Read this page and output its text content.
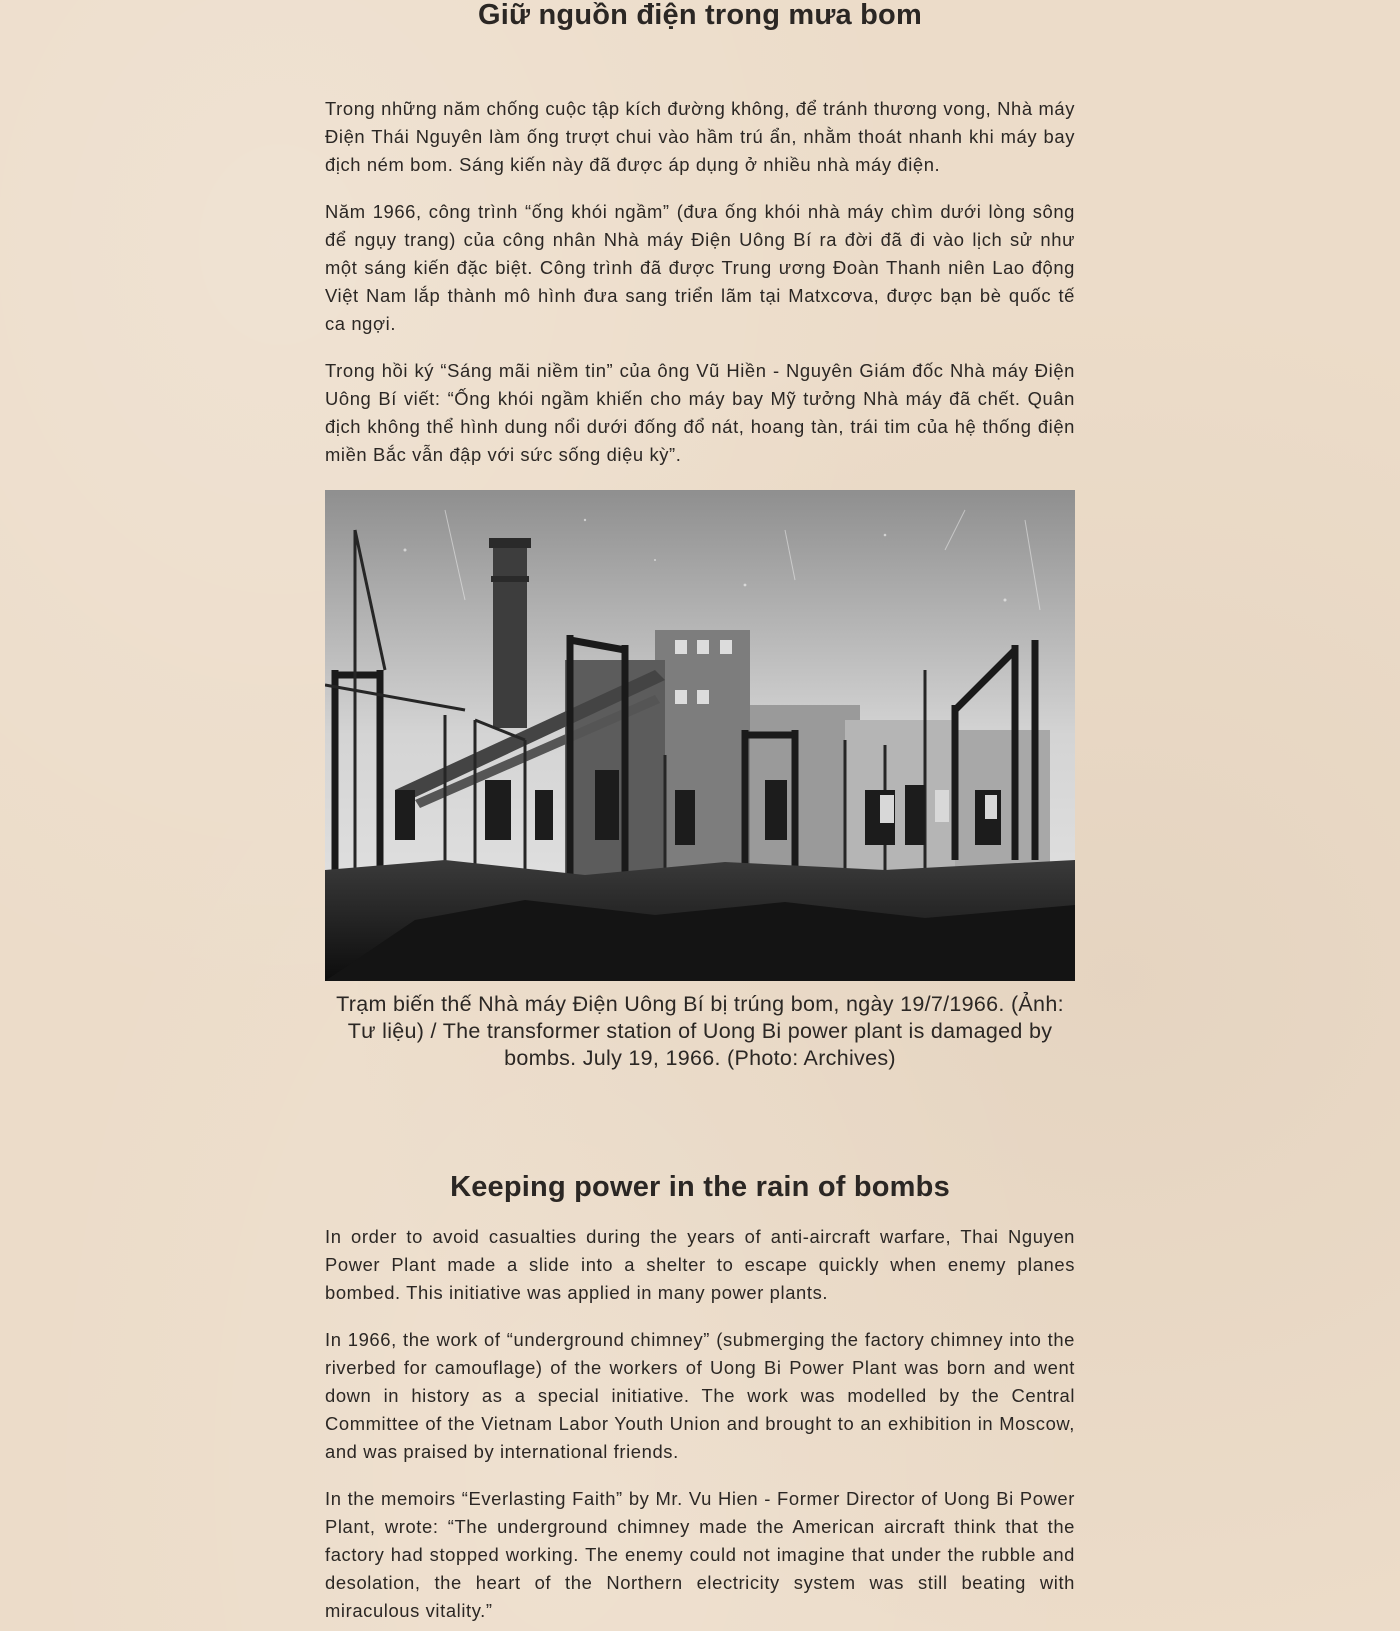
Giữ nguồn điện trong mưa bom

Trong những năm chống cuộc tập kích đường không, để tránh thương vong, Nhà máy Điện Thái Nguyên làm ống trượt chui vào hầm trú ẩn, nhằm thoát nhanh khi máy bay địch ném bom. Sáng kiến này đã được áp dụng ở nhiều nhà máy điện.

Năm 1966, công trình “ống khói ngầm” (đưa ống khói nhà máy chìm dưới lòng sông để ngụy trang) của công nhân Nhà máy Điện Uông Bí ra đời đã đi vào lịch sử như một sáng kiến đặc biệt. Công trình đã được Trung ương Đoàn Thanh niên Lao động Việt Nam lắp thành mô hình đưa sang triển lãm tại Matxcơva, được bạn bè quốc tế ca ngợi.

Trong hồi ký “Sáng mãi niềm tin” của ông Vũ Hiền - Nguyên Giám đốc Nhà máy Điện Uông Bí viết: “Ống khói ngầm khiến cho máy bay Mỹ tưởng Nhà máy đã chết. Quân địch không thể hình dung nổi dưới đống đổ nát, hoang tàn, trái tim của hệ thống điện miền Bắc vẫn đập với sức sống diệu kỳ”.

Trạm biến thế Nhà máy Điện Uông Bí bị trúng bom, ngày 19/7/1966. (Ảnh: Tư liệu) / The transformer station of Uong Bi power plant is damaged by bombs. July 19, 1966. (Photo: Archives)

Keeping power in the rain of bombs

In order to avoid casualties during the years of anti-aircraft warfare, Thai Nguyen Power Plant made a slide into a shelter to escape quickly when enemy planes bombed. This initiative was applied in many power plants.

In 1966, the work of “underground chimney” (submerging the factory chimney into the riverbed for camouflage) of the workers of Uong Bi Power Plant was born and went down in history as a special initiative. The work was modelled by the Central Committee of the Vietnam Labor Youth Union and brought to an exhibition in Moscow, and was praised by international friends.

In the memoirs “Everlasting Faith” by Mr. Vu Hien - Former Director of Uong Bi Power Plant, wrote: “The underground chimney made the American aircraft think that the factory had stopped working. The enemy could not imagine that under the rubble and desolation, the heart of the Northern electricity system was still beating with miraculous vitality.”
